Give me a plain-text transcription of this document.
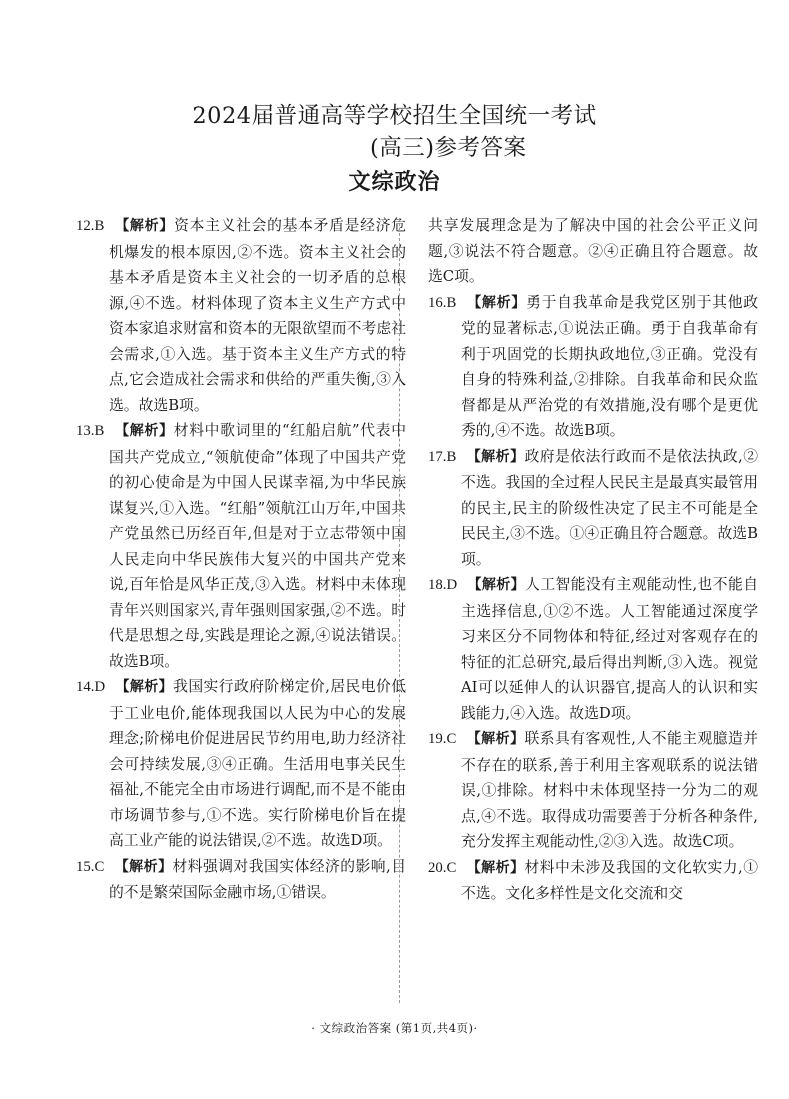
2024届普通高等学校招生全国统一考试
(高三)参考答案
文综政治
12.B 【解析】资本主义社会的基本矛盾是经济危机爆发的根本原因,②不选。资本主义社会的基本矛盾是资本主义社会的一切矛盾的总根源,④不选。材料体现了资本主义生产方式中资本家追求财富和资本的无限欲望而不考虑社会需求,①入选。基于资本主义生产方式的特点,它会造成社会需求和供给的严重失衡,③入选。故选B项。
13.B 【解析】材料中歌词里的“红船启航”代表中国共产党成立,“领航使命”体现了中国共产党的初心使命是为中国人民谋幸福,为中华民族谋复兴,①入选。“红船”领航江山万年,中国共产党虽然已历经百年,但是对于立志带领中国人民走向中华民族伟大复兴的中国共产党来说,百年恰是风华正茂,③入选。材料中未体现青年兴则国家兴,青年强则国家强,②不选。时代是思想之母,实践是理论之源,④说法错误。故选B项。
14.D 【解析】我国实行政府阶梯定价,居民电价低于工业电价,能体现我国以人民为中心的发展理念;阶梯电价促进居民节约用电,助力经济社会可持续发展,③④正确。生活用电事关民生福祉,不能完全由市场进行调配,而不是不能由市场调节参与,①不选。实行阶梯电价旨在提高工业产能的说法错误,②不选。故选D项。
15.C 【解析】材料强调对我国实体经济的影响,目的不是繁荣国际金融市场,①错误。
共享发展理念是为了解决中国的社会公平正义问题,③说法不符合题意。②④正确且符合题意。故选C项。
16.B 【解析】勇于自我革命是我党区别于其他政党的显著标志,①说法正确。勇于自我革命有利于巩固党的长期执政地位,③正确。党没有自身的特殊利益,②排除。自我革命和民众监督都是从严治党的有效措施,没有哪个是更优秀的,④不选。故选B项。
17.B 【解析】政府是依法行政而不是依法执政,②不选。我国的全过程人民民主是最真实最管用的民主,民主的阶级性决定了民主不可能是全民民主,③不选。①④正确且符合题意。故选B项。
18.D 【解析】人工智能没有主观能动性,也不能自主选择信息,①②不选。人工智能通过深度学习来区分不同物体和特征,经过对客观存在的特征的汇总研究,最后得出判断,③入选。视觉AI可以延伸人的认识器官,提高人的认识和实践能力,④入选。故选D项。
19.C 【解析】联系具有客观性,人不能主观臆造并不存在的联系,善于利用主客观联系的说法错误,①排除。材料中未体现坚持一分为二的观点,④不选。取得成功需要善于分析各种条件,充分发挥主观能动性,②③入选。故选C项。
20.C 【解析】材料中未涉及我国的文化软实力,①不选。文化多样性是文化交流和交
· 文综政治答案 (第1页,共4页)·
